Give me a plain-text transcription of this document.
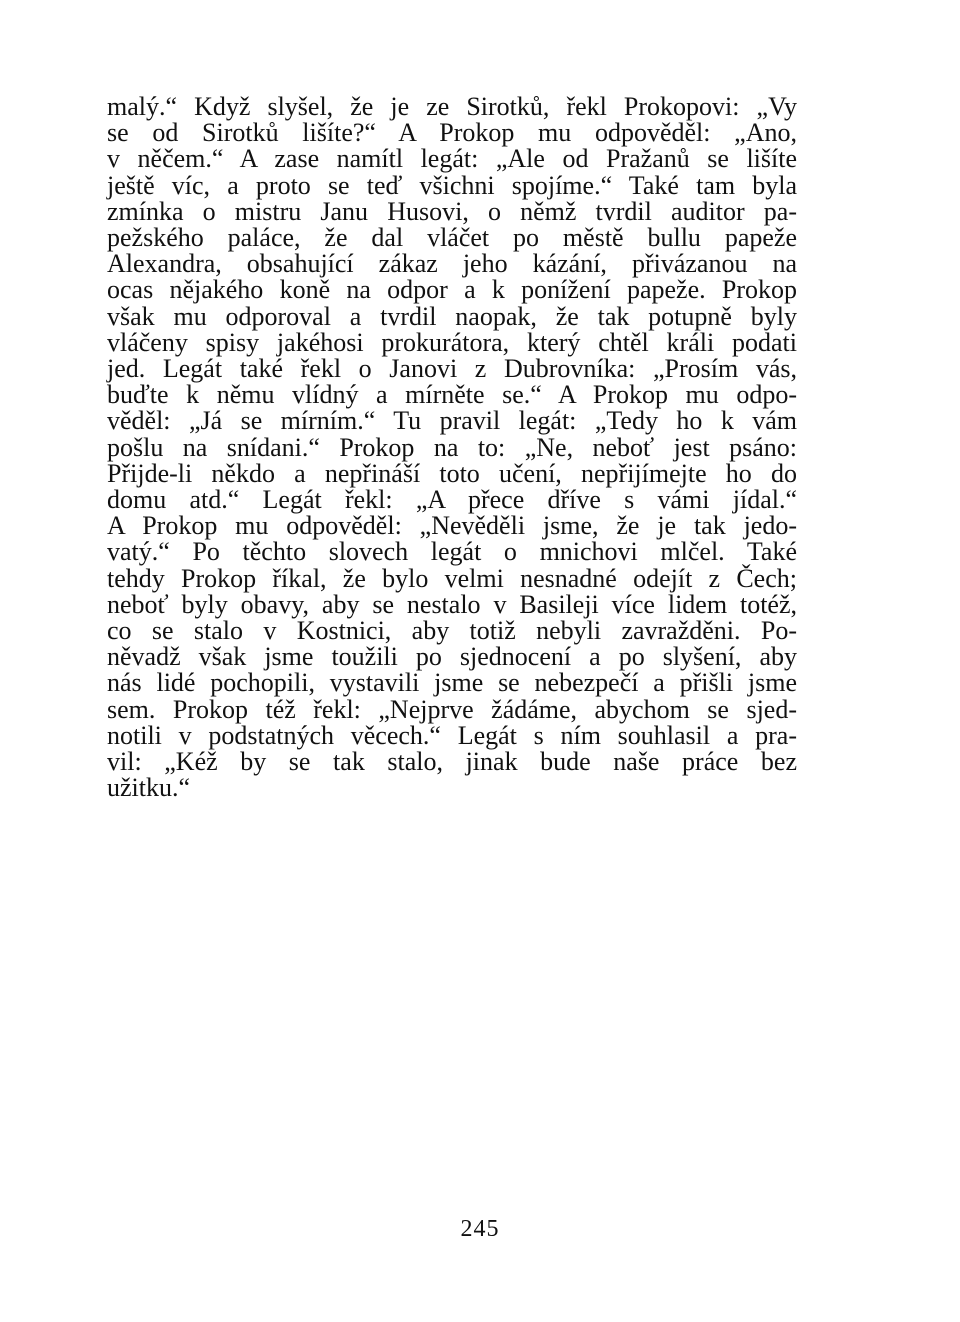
malý.“ Když slyšel, že je ze Sirotků, řekl Prokopovi: „Vy
se od Sirotků lišíte?“ A Prokop mu odpověděl: „Ano,
v něčem.“ A zase namítl legát: „Ale od Pražanů se lišíte
ještě víc, a proto se teď všichni spojíme.“ Také tam byla
zmínka o mistru Janu Husovi, o němž tvrdil auditor pa-
pežského paláce, že dal vláčet po městě bullu papeže
Alexandra, obsahující zákaz jeho kázání, přivázanou na
ocas nějakého koně na odpor a k ponížení papeže. Prokop
však mu odporoval a tvrdil naopak, že tak potupně byly
vláčeny spisy jakéhosi prokurátora, který chtěl králi podati
jed. Legát také řekl o Janovi z Dubrovníka: „Prosím vás,
buďte k němu vlídný a mírněte se.“ A Prokop mu odpo-
věděl: „Já se mírním.“ Tu pravil legát: „Tedy ho k vám
pošlu na snídani.“ Prokop na to: „Ne, neboť jest psáno:
Přijde-li někdo a nepřináší toto učení, nepřijímejte ho do
domu atd.“ Legát řekl: „A přece dříve s vámi jídal.“
A Prokop mu odpověděl: „Nevěděli jsme, že je tak jedo-
vatý.“ Po těchto slovech legát o mnichovi mlčel. Také
tehdy Prokop říkal, že bylo velmi nesnadné odejít z Čech;
neboť byly obavy, aby se nestalo v Basileji více lidem totéž,
co se stalo v Kostnici, aby totiž nebyli zavražděni. Po-
něvadž však jsme toužili po sjednocení a po slyšení, aby
nás lidé pochopili, vystavili jsme se nebezpečí a přišli jsme
sem. Prokop též řekl: „Nejprve žádáme, abychom se sjed-
notili v podstatných věcech.“ Legát s ním souhlasil a pra-
vil: „Kéž by se tak stalo, jinak bude naše práce bez
užitku.“
245
